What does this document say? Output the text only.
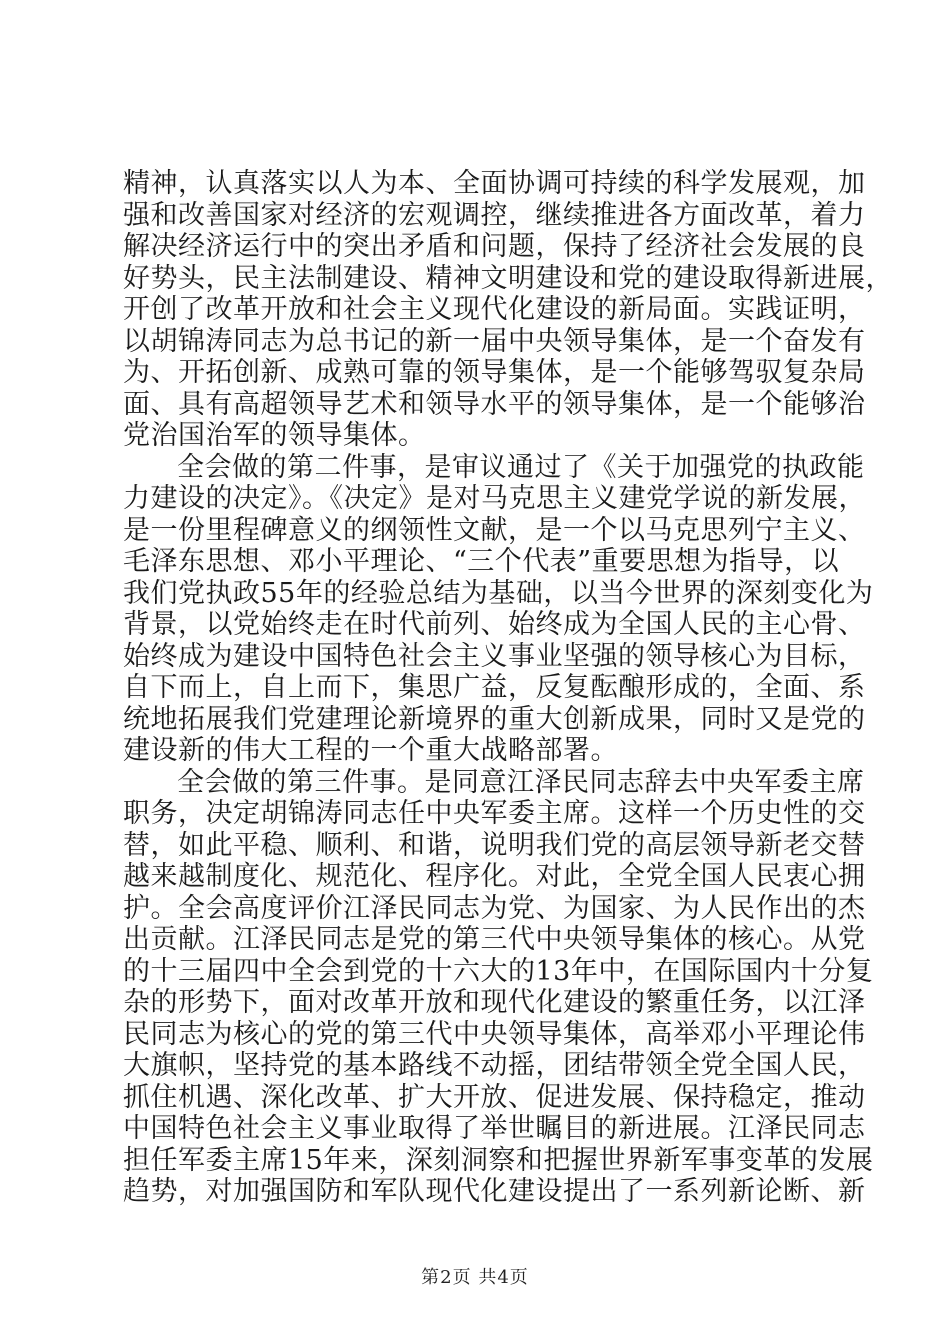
精神，认真落实以人为本、全面协调可持续的科学发展观，加
强和改善国家对经济的宏观调控，继续推进各方面改革，着力
解决经济运行中的突出矛盾和问题，保持了经济社会发展的良
好势头，民主法制建设、精神文明建设和党的建设取得新进展，
开创了改革开放和社会主义现代化建设的新局面。实践证明，
以胡锦涛同志为总书记的新一届中央领导集体，是一个奋发有
为、开拓创新、成熟可靠的领导集体，是一个能够驾驭复杂局
面、具有高超领导艺术和领导水平的领导集体，是一个能够治
党治国治军的领导集体。
全会做的第二件事，是审议通过了《关于加强党的执政能
力建设的决定》。《决定》是对马克思主义建党学说的新发展，
是一份里程碑意义的纲领性文献，是一个以马克思列宁主义、
毛泽东思想、邓小平理论、“三个代表”重要思想为指导，以
我们党执政55年的经验总结为基础，以当今世界的深刻变化为
背景，以党始终走在时代前列、始终成为全国人民的主心骨、
始终成为建设中国特色社会主义事业坚强的领导核心为目标，
自下而上，自上而下，集思广益，反复酝酿形成的，全面、系
统地拓展我们党建理论新境界的重大创新成果，同时又是党的
建设新的伟大工程的一个重大战略部署。
全会做的第三件事。是同意江泽民同志辞去中央军委主席
职务，决定胡锦涛同志任中央军委主席。这样一个历史性的交
替，如此平稳、顺利、和谐，说明我们党的高层领导新老交替
越来越制度化、规范化、程序化。对此，全党全国人民衷心拥
护。全会高度评价江泽民同志为党、为国家、为人民作出的杰
出贡献。江泽民同志是党的第三代中央领导集体的核心。从党
的十三届四中全会到党的十六大的13年中，在国际国内十分复
杂的形势下，面对改革开放和现代化建设的繁重任务，以江泽
民同志为核心的党的第三代中央领导集体，高举邓小平理论伟
大旗帜，坚持党的基本路线不动摇，团结带领全党全国人民，
抓住机遇、深化改革、扩大开放、促进发展、保持稳定，推动
中国特色社会主义事业取得了举世瞩目的新进展。江泽民同志
担任军委主席15年来，深刻洞察和把握世界新军事变革的发展
趋势，对加强国防和军队现代化建设提出了一系列新论断、新
第2页 共4页
